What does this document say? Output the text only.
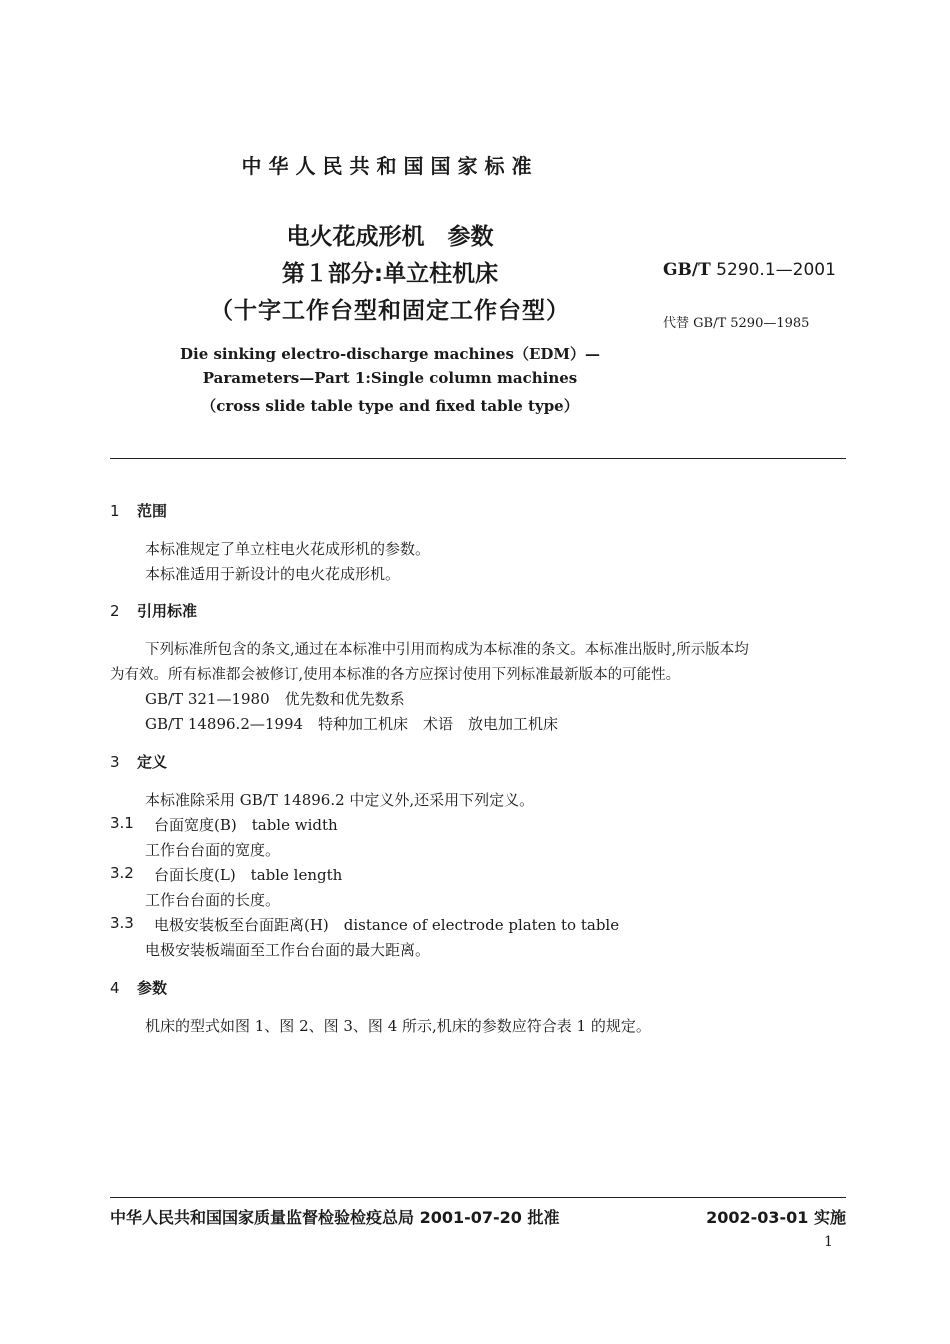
中华人民共和国国家标准
电火花成形机　参数
第１部分:单立柱机床
（十字工作台型和固定工作台型）
GB/T 5290.1—2001
代替 GB/T 5290—1985
Die sinking electro-discharge machines（EDM）—
Parameters—Part 1:Single column machines
（cross slide table type and fixed table type）
1 范围
本标准规定了单立柱电火花成形机的参数。
本标准适用于新设计的电火花成形机。
2 引用标准
下列标准所包含的条文,通过在本标准中引用而构成为本标准的条文。本标准出版时,所示版本均
为有效。所有标准都会被修订,使用本标准的各方应探讨使用下列标准最新版本的可能性。
GB/T 321—1980　优先数和优先数系
GB/T 14896.2—1994　特种加工机床　术语　放电加工机床
3 定义
本标准除采用 GB/T 14896.2 中定义外,还采用下列定义。
3.1 台面宽度(B)　table width
工作台台面的宽度。
3.2 台面长度(L)　table length
工作台台面的长度。
3.3 电极安装板至台面距离(H)　distance of electrode platen to table
电极安装板端面至工作台台面的最大距离。
4 参数
机床的型式如图 1、图 2、图 3、图 4 所示,机床的参数应符合表 1 的规定。
中华人民共和国国家质量监督检验检疫总局 2001-07-20 批准	2002-03-01 实施
1
